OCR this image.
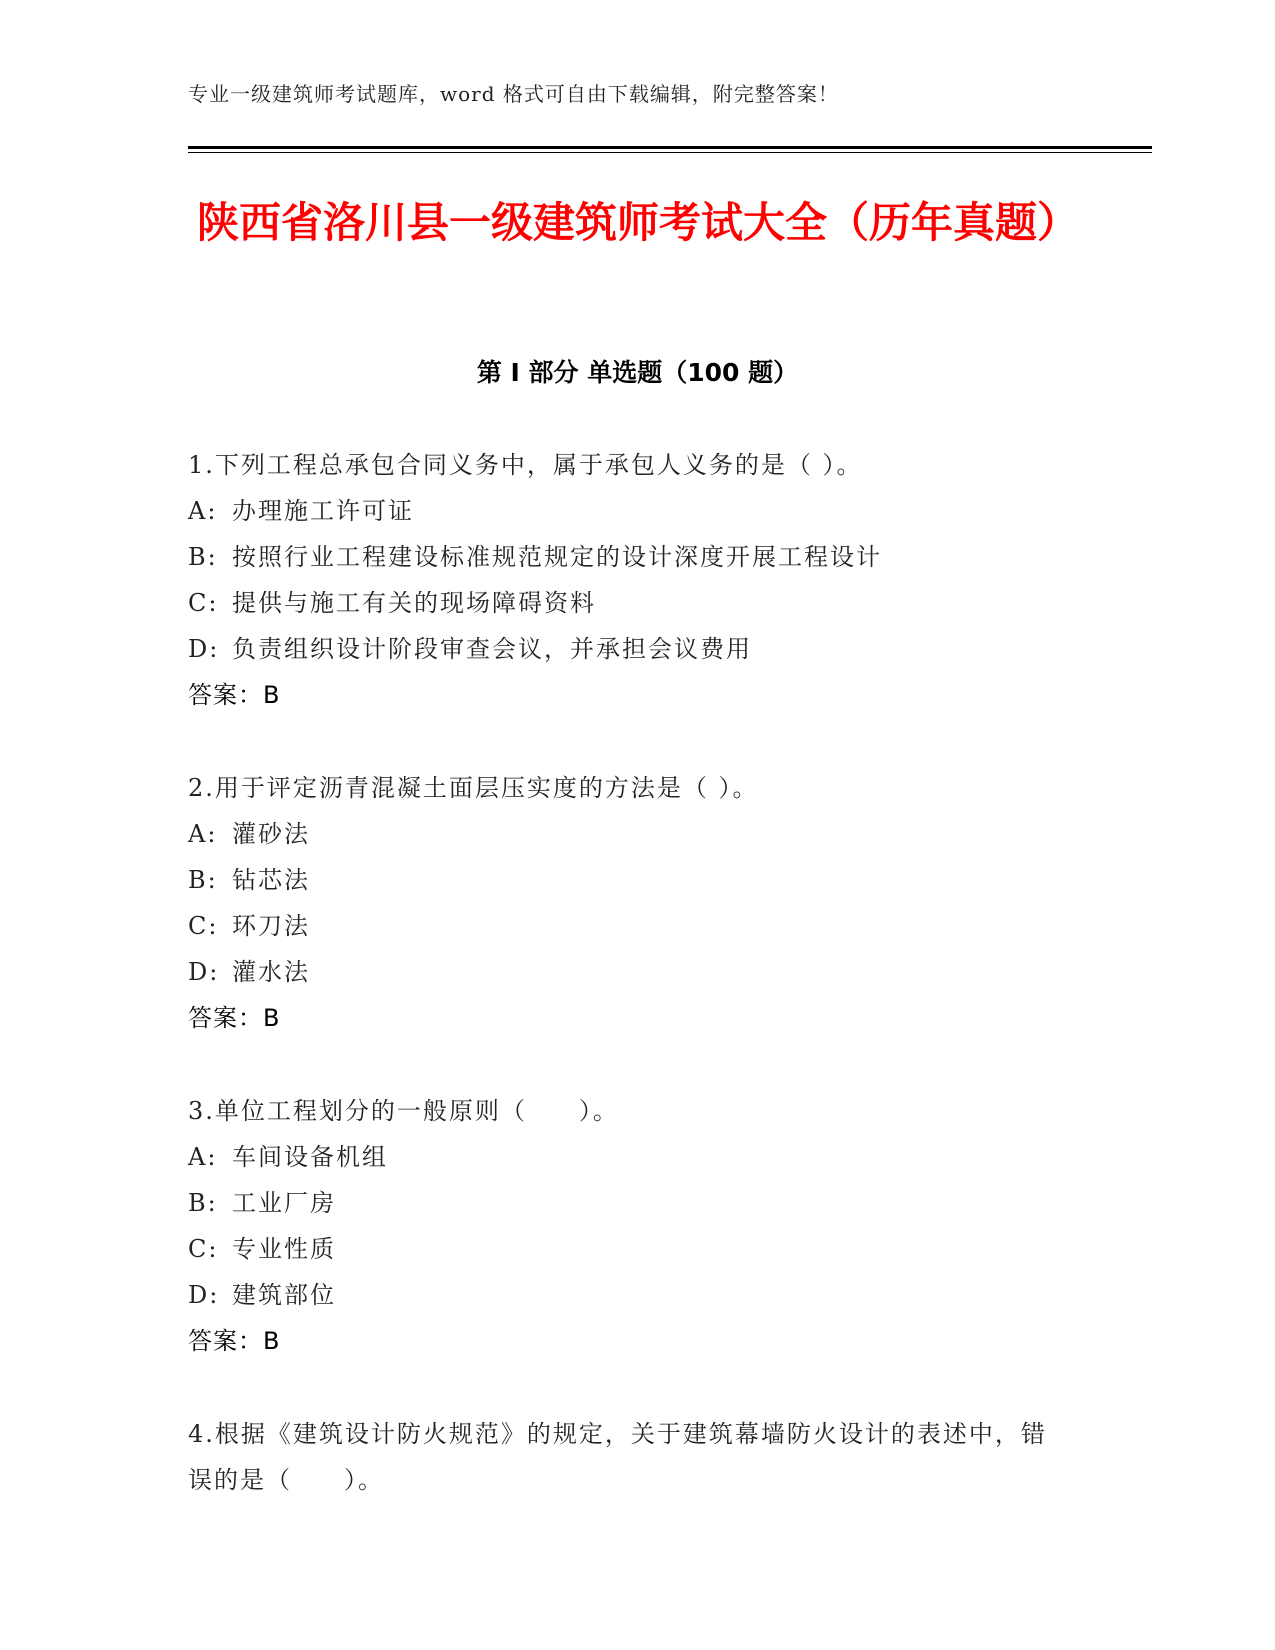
专业一级建筑师考试题库，word 格式可自由下载编辑，附完整答案！
陕西省洛川县一级建筑师考试大全（历年真题）
第 I 部分 单选题（100 题）

1.下列工程总承包合同义务中，属于承包人义务的是（ ）。

A: 办理施工许可证

B: 按照行业工程建设标准规范规定的设计深度开展工程设计

C: 提供与施工有关的现场障碍资料

D: 负责组织设计阶段审查会议，并承担会议费用

答案：B

2.用于评定沥青混凝土面层压实度的方法是（ ）。

A: 灌砂法

B: 钻芯法

C: 环刀法

D: 灌水法

答案：B

3.单位工程划分的一般原则（　　）。

A: 车间设备机组

B: 工业厂房

C: 专业性质

D: 建筑部位

答案：B

4.根据《建筑设计防火规范》的规定，关于建筑幕墙防火设计的表述中，错误的是（　　）。
